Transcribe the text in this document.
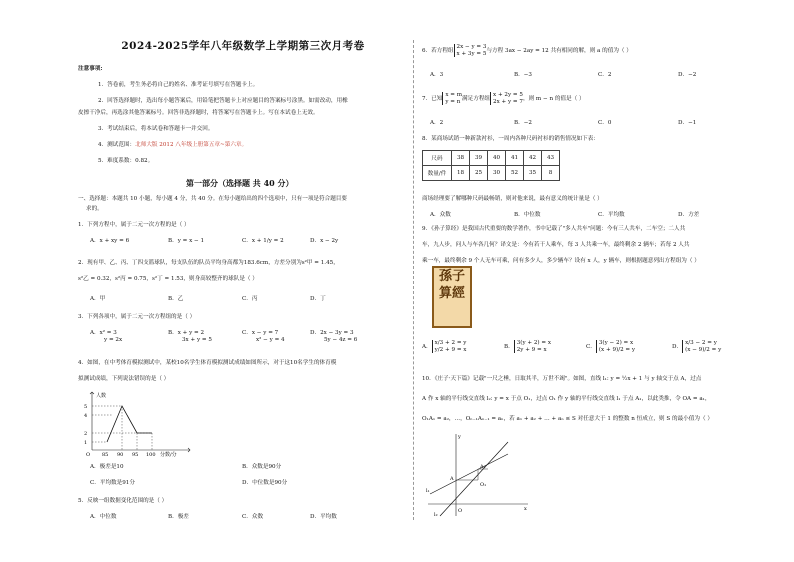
2024-2025学年八年级数学上学期第三次月考卷
注意事项:
1．答卷前，考生务必将自己的姓名、准考证号填写在答题卡上。
2．回答选择题时，选出每小题答案后，用铅笔把答题卡上对应题目的答案标号涂黑。如需改动，用橡
皮擦干净后，再选涂其他答案标号。回答非选择题时，将答案写在答题卡上。写在本试卷上无效。
3．考试结束后，将本试卷和答题卡一并交回。
4．测试范围：北师大版 2012 八年级上册第五章~第六章。
5．难度系数：0.82。
第一部分（选择题 共 40 分）
一、选择题：本题共 10 小题，每小题 4 分，共 40 分。在每小题给出的四个选项中，只有一项是符合题目要
求的。
1．下列方程中，属于二元一次方程的是（ ）
A．x + xy = 6	B．y = x − 1	C．x + 1/y = 2	D．x − 2y
2．现有甲、乙、丙、丁四支篮球队，每支队伍的队员平均身高都为183.6cm，方差分别为s²甲 = 1.45，
s²乙 = 0.32，s²丙 = 0.75，s²丁 = 1.53，则身高较整齐的球队是（ ）
A．甲	B．乙	C．丙	D．丁
3．下列各项中，属于二元一次方程组的是（ ）
A．x² = 3
y = 2x
B．x + y = 2
3x + y = 5
C．x − y = 7
x² − y = 4
D．2x − 3y = 3
5y − 4z = 6
4．如图，在中考体育模拟测试中，某校10名学生体育模拟测试成绩如图所示，对于这10名学生的体育模
拟测试成绩，下列说法错误的是（ ）
5
4
2
1
人数
O 85 90 95 100 分数/分
A．极差是10	B．众数是90分
C．平均数是91分	D．中位数是90分
5．反映一组数据变化范围的是（ ）
A．中位数	B．极差	C．众数	D．平均数
6．若方程组2x − y = 3
x + 3y = 5与方程 3ax − 2ay = 12 共有相同的解，则 a 的值为（ ）
A．3	B．−3	C．2	D．−2
7．已知x = m
y = n 满足方程组x + 2y = 5
2x + y = 7，则 m − n 的值是（ ）
A．2	B．−2	C．0	D．−1
8．某商场试销一种新款衬衫，一周内各种尺码衬衫的销售情况如下表：
尺码	38	39	40	41	42	43
数量/件	18	25	30	52	35	8
商场经理要了解哪种尺码最畅销，则对他来说，最有意义的统计量是（ ）
A．众数	B．中位数	C．平均数	D．方差
9．《孙子算经》是我国古代重要的数学著作，书中记载了"多人共车"问题：今有三人共车，二车空；二人共
车，九人步，问人与车各几何？译文是：今有若干人乘车，每 3 人共乘一车，最终剩余 2 辆车；若每 2 人共
乘一车，最终剩余 9 个人无车可乘，问有多少人，多少辆车？设有 x 人，y 辆车，则根据题意列出方程组为（ ）
孫子
算經
A．x/3 + 2 = y
y/2 + 9 = x	B．3(y + 2) = x
2y + 9 = x	C．3(y − 2) = x
(x + 9)/2 = y	D．x/3 − 2 = y
(x − 9)/2 = y
10．《庄子·天下篇》记载"一尺之棰，日取其半，万世不竭"。如图，直线 l₁: y = ½x + 1 与 y 轴交于点 A，过点
A 作 x 轴的平行线交直线 l₂: y = x 于点 O₁，过点 O₁ 作 y 轴的平行线交直线 l₁ 于点 A₁，以此类推，令 OA = a₁，
O₁A₁ = a₂，…，Oₙ₋₁Aₙ₋₁ = aₙ，若 a₁ + a₂ + … + aₙ ≤ S 对任意大于 1 的整数 n 恒成立，则 S 的最小值为（ ）
A
A₁
O₁
O
l₁
l₂
x
y
